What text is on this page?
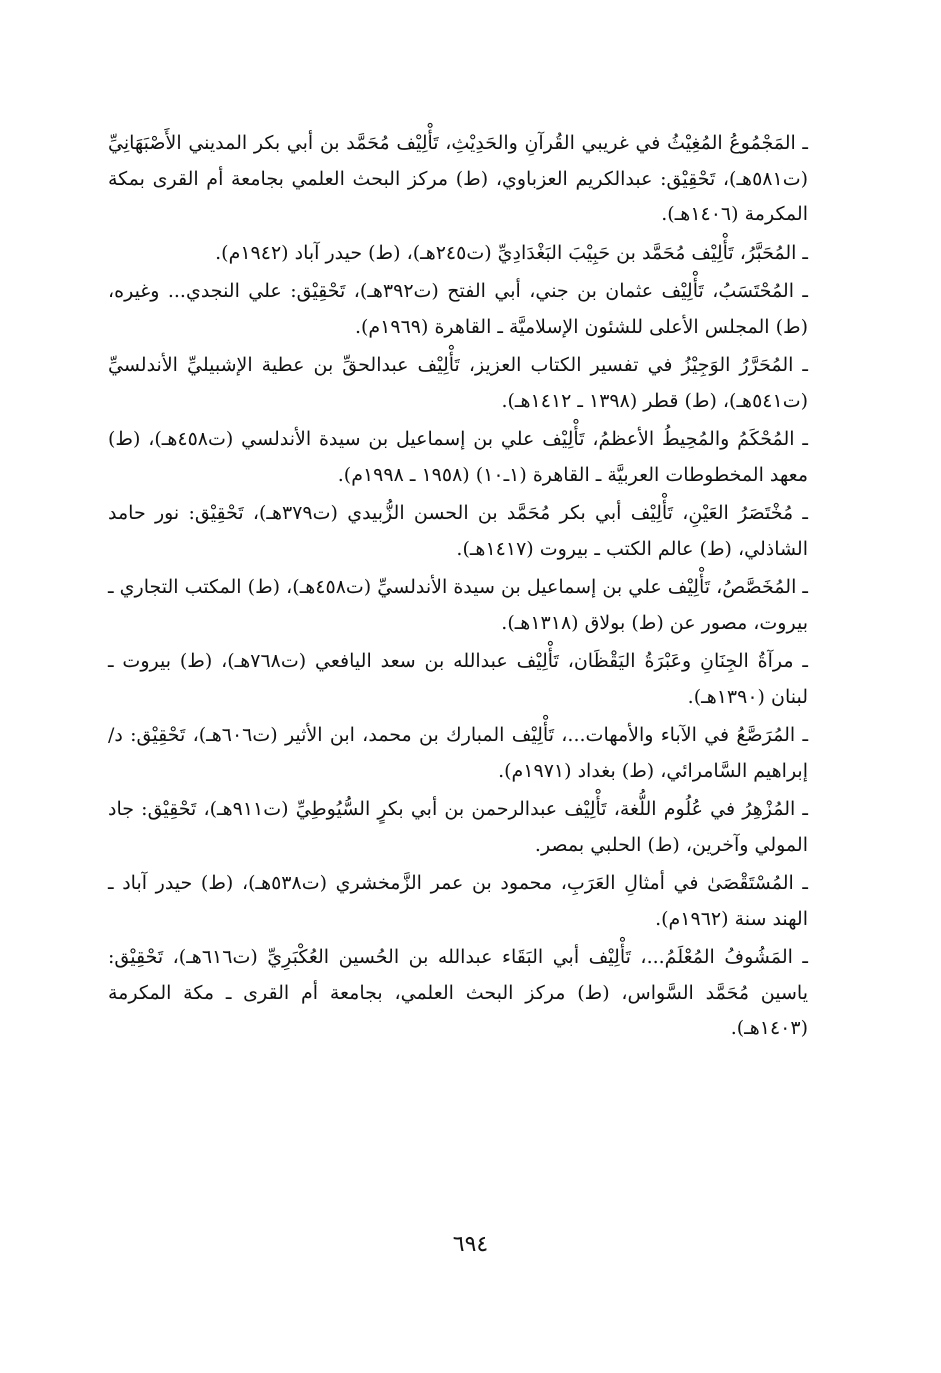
ـ المَجْمُوعُ المُغِيْثُ في غريبي القُرآنِ والحَدِيْثِ، تَأْلِيْف مُحَمَّد بن أبي بكر المديني الأَصْبَهَانِيِّ (ت٥٨١هـ)، تَحْقِيْق: عبدالكريم العزباوي، (ط) مركز البحث العلمي بجامعة أم القرى بمكة المكرمة (١٤٠٦هـ).

ـ المُحَبَّرُ، تَأْلِيْف مُحَمَّد بن حَبِيْبَ البَغْدَادِيِّ (ت٢٤٥هـ)، (ط) حيدر آباد (١٩٤٢م).

ـ المُحْتَسَبُ، تَأْلِيْف عثمان بن جني، أبي الفتح (ت٣٩٢هـ)، تَحْقِيْق: علي النجدي... وغيره، (ط) المجلس الأعلى للشئون الإسلاميَّة ـ القاهرة (١٩٦٩م).

ـ المُحَرَّرُ الوَجِيْزُ في تفسير الكتاب العزيز، تَأْلِيْف عبدالحقِّ بن عطية الإشبيليِّ الأندلسيِّ (ت٥٤١هـ)، (ط) قطر (١٣٩٨ ـ ١٤١٢هـ).

ـ المُحْكَمُ والمُحِيطُ الأعظمُ، تَأْلِيْف علي بن إسماعيل بن سيدة الأندلسي (ت٤٥٨هـ)، (ط) معهد المخطوطات العربيَّة ـ القاهرة (١ـ١٠) (١٩٥٨ ـ ١٩٩٨م).

ـ مُخْتَصَرُ العَيْنِ، تَأْلِيْف أبي بكر مُحَمَّد بن الحسن الزُّبيدي (ت٣٧٩هـ)، تَحْقِيْق: نور حامد الشاذلي، (ط) عالم الكتب ـ بيروت (١٤١٧هـ).

ـ المُخَصَّصُ، تَأْلِيْف علي بن إسماعيل بن سيدة الأندلسيِّ (ت٤٥٨هـ)، (ط) المكتب التجاري ـ بيروت، مصور عن (ط) بولاق (١٣١٨هـ).

ـ مرآةُ الجِنَانِ وعَبْرَةُ اليَقْظَان، تَأْلِيْف عبدالله بن سعد اليافعي (ت٧٦٨هـ)، (ط) بيروت ـ لبنان (١٣٩٠هـ).

ـ المُرَصَّعُ في الآباء والأمهات...، تَأْلِيْف المبارك بن محمد، ابن الأثير (ت٦٠٦هـ)، تَحْقِيْق: د/ إبراهيم السَّامرائي، (ط) بغداد (١٩٧١م).

ـ المُزْهِرُ في عُلُوم اللُّغة، تَأْلِيْف عبدالرحمن بن أبي بكرٍ السُّيُوطِيِّ (ت٩١١هـ)، تَحْقِيْق: جاد المولي وآخرين، (ط) الحلبي بمصر.

ـ المُسْتَقْصَىٰ في أمثالِ العَرَبِ، محمود بن عمر الزَّمخشري (ت٥٣٨هـ)، (ط) حيدر آباد ـ الهند سنة (١٩٦٢م).

ـ المَشُوفُ المُعْلَمُ...، تَأْلِيْف أبي البَقَاء عبدالله بن الحُسين العُكْبَرِيِّ (ت٦١٦هـ)، تَحْقِيْق: ياسين مُحَمَّد السَّواس، (ط) مركز البحث العلمي، بجامعة أم القرى ـ مكة المكرمة (١٤٠٣هـ).

٦٩٤
